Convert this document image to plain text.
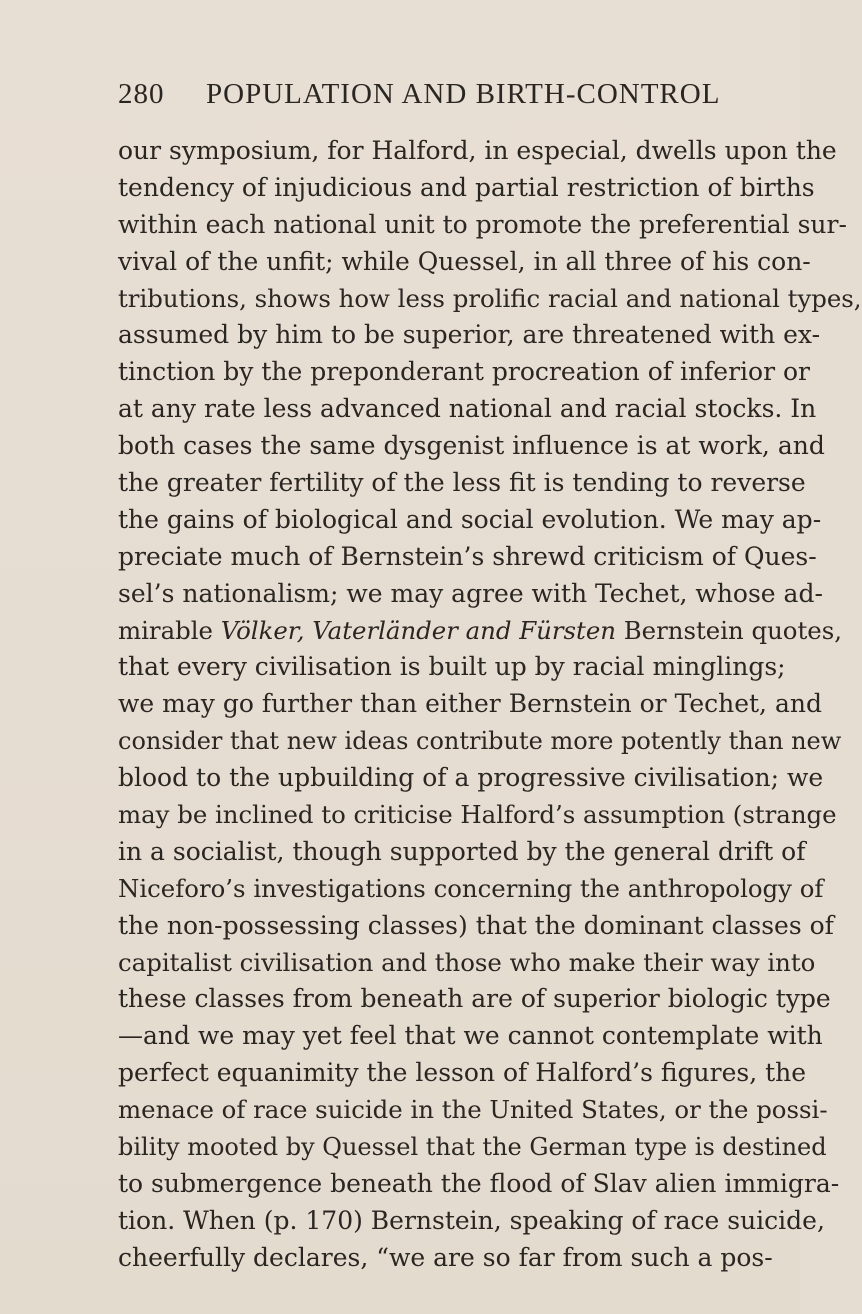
280 POPULATION AND BIRTH-CONTROL
our symposium, for Halford, in especial, dwells upon the
tendency of injudicious and partial restriction of births
within each national unit to promote the preferential sur-
vival of the unfit; while Quessel, in all three of his con-
tributions, shows how less prolific racial and national types,
assumed by him to be superior, are threatened with ex-
tinction by the preponderant procreation of inferior or
at any rate less advanced national and racial stocks. In
both cases the same dysgenist influence is at work, and
the greater fertility of the less fit is tending to reverse
the gains of biological and social evolution. We may ap-
preciate much of Bernstein’s shrewd criticism of Ques-
sel’s nationalism; we may agree with Techet, whose ad-
mirable Völker, Vaterländer and Fürsten Bernstein quotes,
that every civilisation is built up by racial minglings;
we may go further than either Bernstein or Techet, and
consider that new ideas contribute more potently than new
blood to the upbuilding of a progressive civilisation; we
may be inclined to criticise Halford’s assumption (strange
in a socialist, though supported by the general drift of
Niceforo’s investigations concerning the anthropology of
the non-possessing classes) that the dominant classes of
capitalist civilisation and those who make their way into
these classes from beneath are of superior biologic type
—and we may yet feel that we cannot contemplate with
perfect equanimity the lesson of Halford’s figures, the
menace of race suicide in the United States, or the possi-
bility mooted by Quessel that the German type is destined
to submergence beneath the flood of Slav alien immigra-
tion. When (p. 170) Bernstein, speaking of race suicide,
cheerfully declares, “we are so far from such a pos-
